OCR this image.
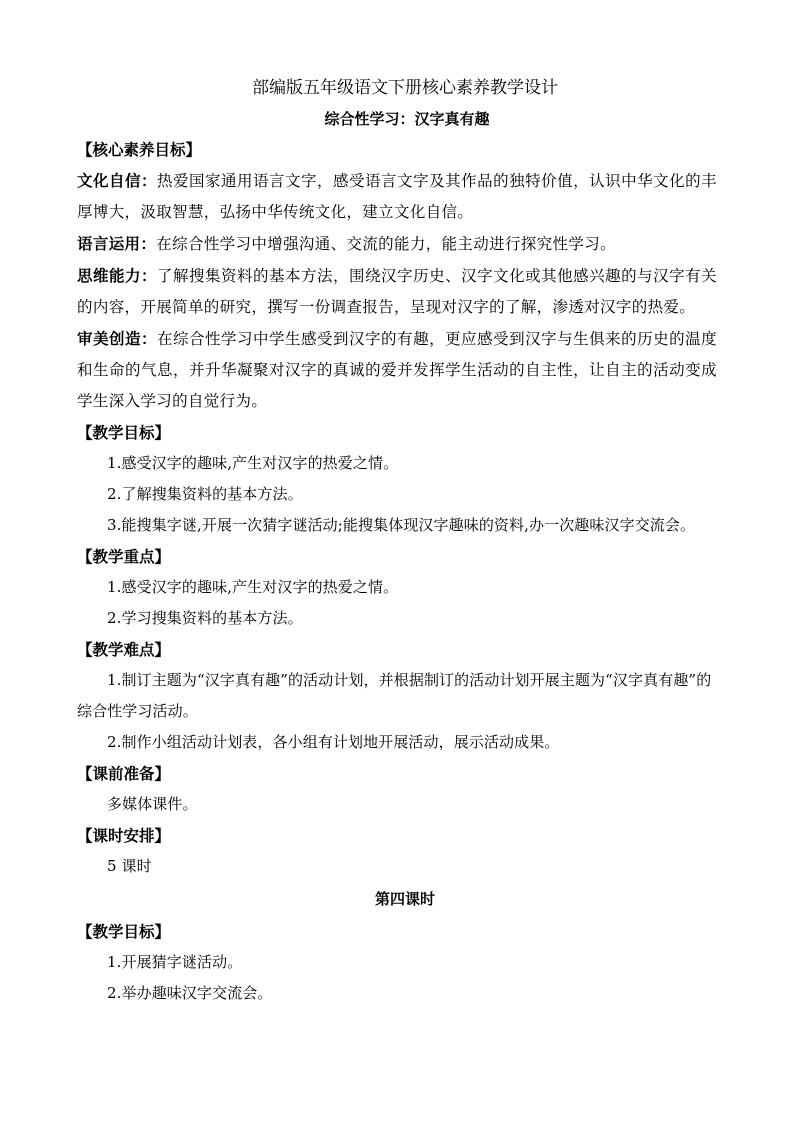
部编版五年级语文下册核心素养教学设计
综合性学习：汉字真有趣
【核心素养目标】
文化自信：热爱国家通用语言文字，感受语言文字及其作品的独特价值，认识中华文化的丰厚博大，汲取智慧，弘扬中华传统文化，建立文化自信。
语言运用：在综合性学习中增强沟通、交流的能力，能主动进行探究性学习。
思维能力：了解搜集资料的基本方法，围绕汉字历史、汉字文化或其他感兴趣的与汉字有关的内容，开展简单的研究，撰写一份调查报告，呈现对汉字的了解，渗透对汉字的热爱。
审美创造：在综合性学习中学生感受到汉字的有趣，更应感受到汉字与生俱来的历史的温度和生命的气息，并升华凝聚对汉字的真诚的爱并发挥学生活动的自主性，让自主的活动变成学生深入学习的自觉行为。
【教学目标】
1.感受汉字的趣味,产生对汉字的热爱之情。
2.了解搜集资料的基本方法。
3.能搜集字谜,开展一次猜字谜活动;能搜集体现汉字趣味的资料,办一次趣味汉字交流会。
【教学重点】
1.感受汉字的趣味,产生对汉字的热爱之情。
2.学习搜集资料的基本方法。
【教学难点】
1.制订主题为“汉字真有趣”的活动计划，并根据制订的活动计划开展主题为“汉字真有趣”的综合性学习活动。
2.制作小组活动计划表，各小组有计划地开展活动，展示活动成果。
【课前准备】
多媒体课件。
【课时安排】
5 课时
第四课时
【教学目标】
1.开展猜字谜活动。
2.举办趣味汉字交流会。
